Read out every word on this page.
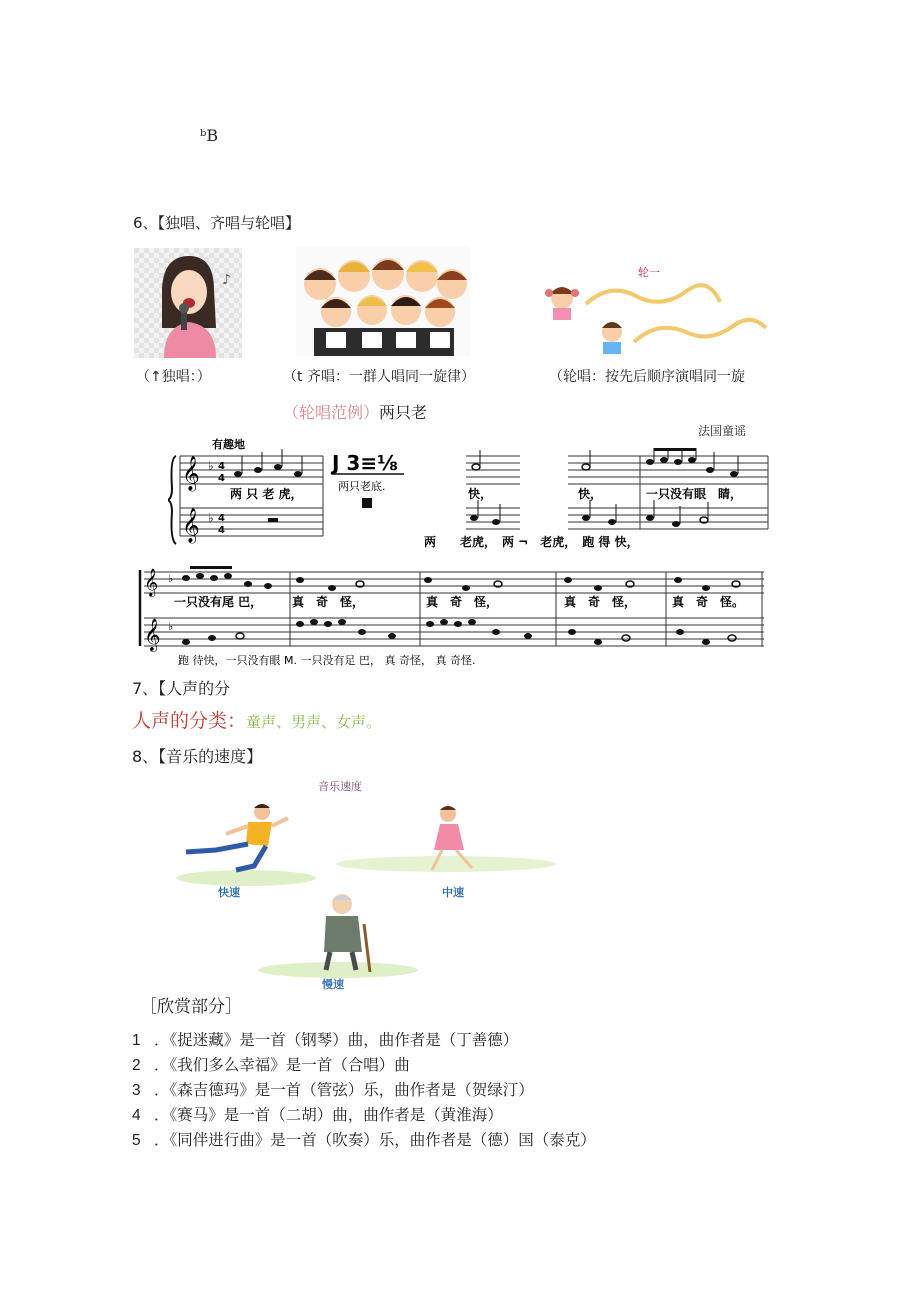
ᵇB
6、【独唱、齐唱与轮唱】
♪	轮一
（↑独唱：）	（t 齐唱：一群人唱同一旋律）	（轮唱：按先后顺序演唱同一旋
（轮唱范例）两只老
法国童谣
有趣地
𝄞
𝄞
♭
♭
4
4
4
4
两 只 老 虎，
J 3≡⅛
两只老底.
快，	快，	一只没有眼　睛，
两　　老虎，　两 ¬　老虎，　跑 得 快，
𝄞
𝄞
♭
♭
一只没有尾 巴， 真　奇　怪，	真　奇　怪，	真　奇　怪，	真　奇　怪。
跑 待快，一只没有眼 M. 一只没有足 巴， 真 奇怪， 真 奇怪.
7、【人声的分
人声的分类：童声、男声、女声。
8、【音乐的速度】
音乐速度
快速	中速
慢速
［欣赏部分］
1 ．《捉迷藏》是一首（钢琴）曲，曲作者是（丁善德）
2 ．《我们多么幸福》是一首（合唱）曲
3 ．《森吉德玛》是一首（管弦）乐，曲作者是（贺绿汀）
4 ．《赛马》是一首（二胡）曲，曲作者是（黄淮海）
5 ．《同伴进行曲》是一首（吹奏）乐，曲作者是（德）国（泰克）
